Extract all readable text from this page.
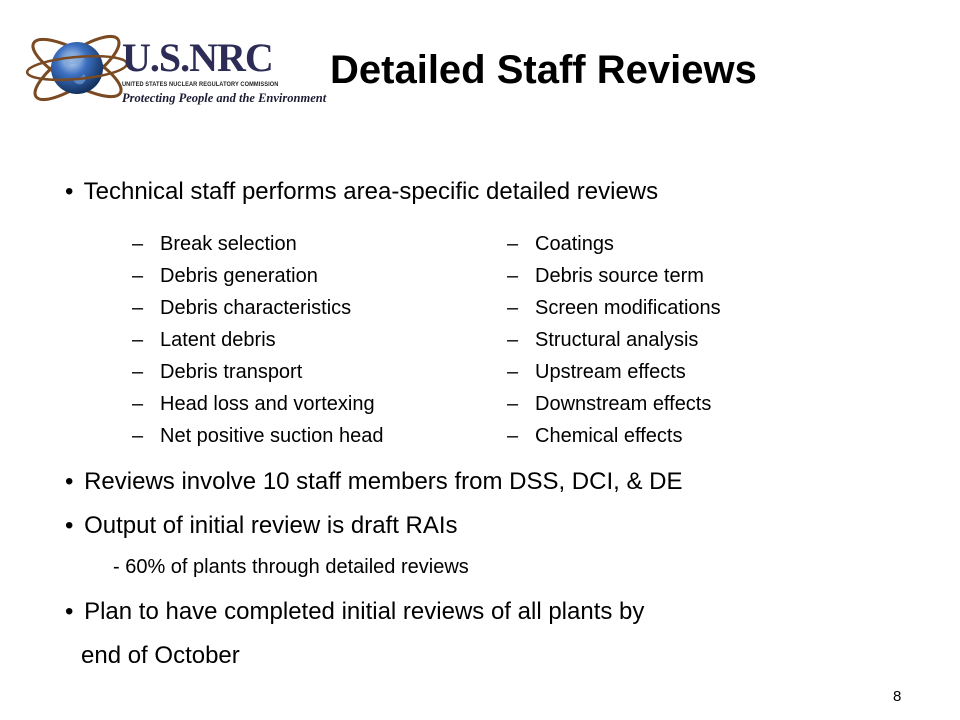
U.S.NRC
UNITED STATES NUCLEAR REGULATORY COMMISSION
Protecting People and the Environment
Detailed Staff Reviews
• Technical staff performs area-specific detailed reviews
– Break selection
– Debris generation
– Debris characteristics
– Latent debris
– Debris transport
– Head loss and vortexing
– Net positive suction head
– Coatings
– Debris source term
– Screen modifications
– Structural analysis
– Upstream effects
– Downstream effects
– Chemical effects
• Reviews involve 10 staff members from DSS, DCI, & DE
• Output of initial review is draft RAIs
- 60% of plants through detailed reviews
• Plan to have completed initial reviews of all plants by
end of October
8
